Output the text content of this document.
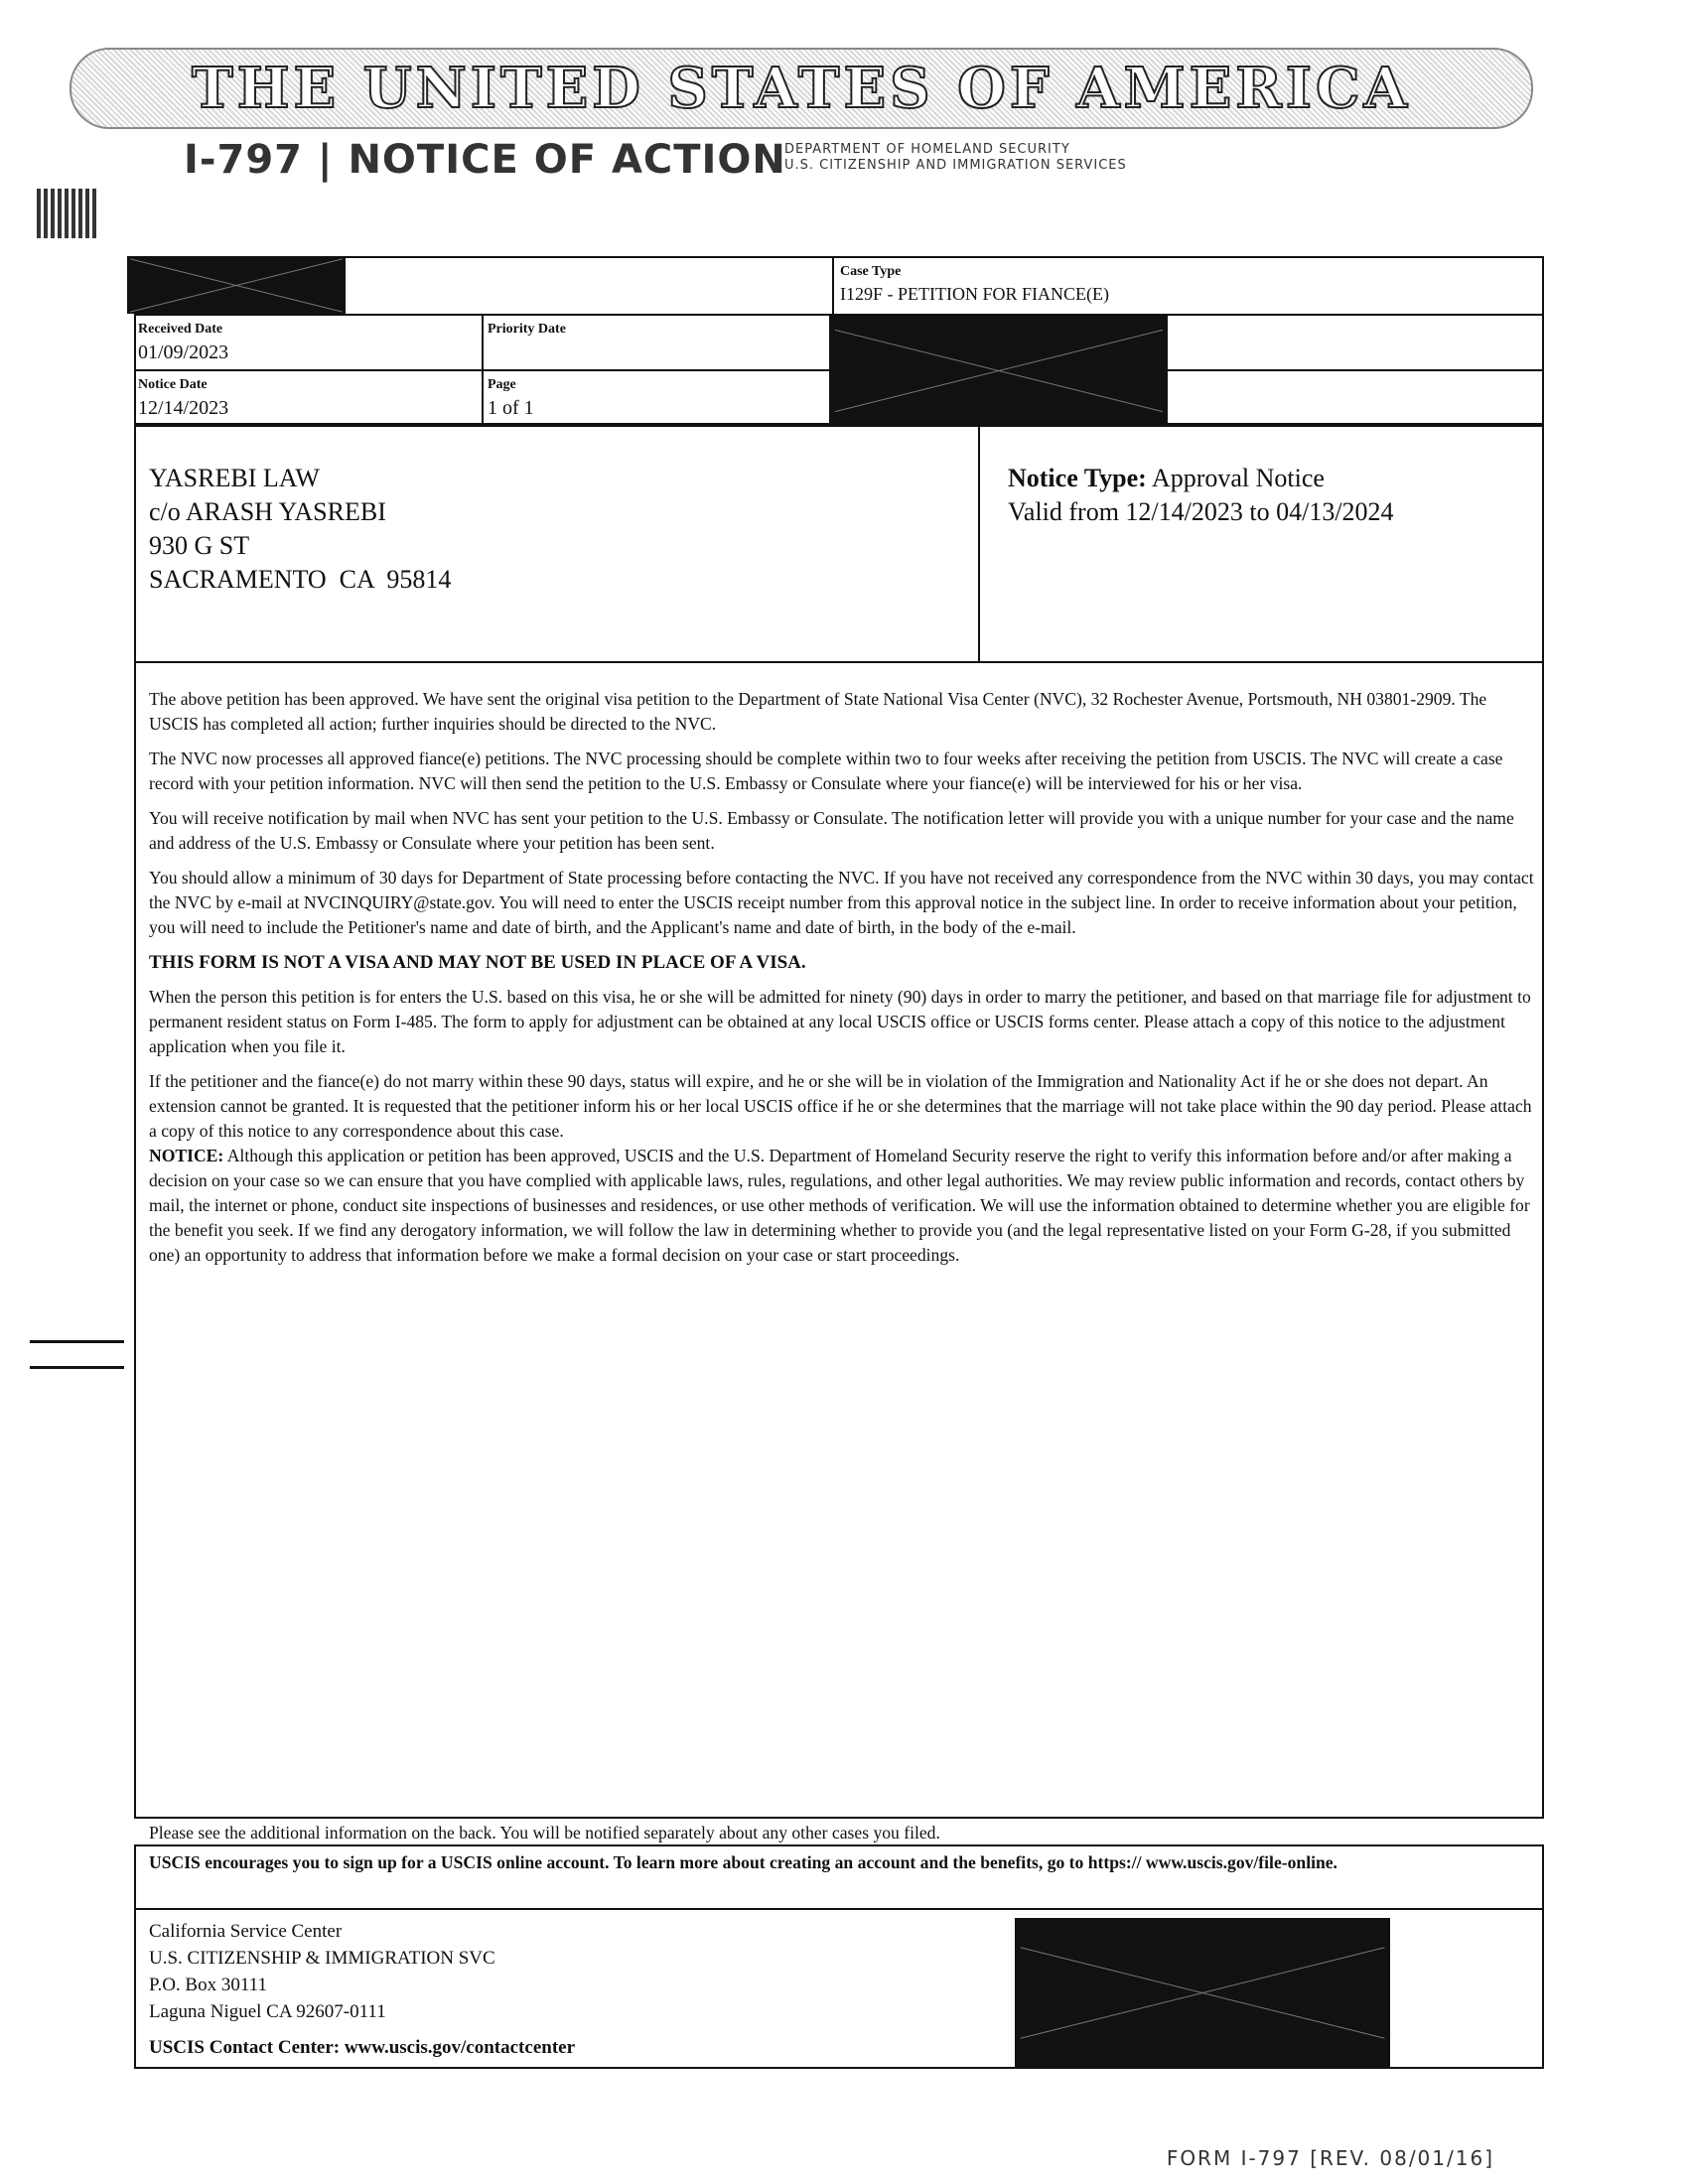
THE UNITED STATES OF AMERICA
I-797 | NOTICE OF ACTION
DEPARTMENT OF HOMELAND SECURITY
U.S. CITIZENSHIP AND IMMIGRATION SERVICES
Case Type
I129F - PETITION FOR FIANCE(E)
Received Date
01/09/2023
Priority Date
Notice Date
12/14/2023
Page
1 of 1
YASREBI LAW
c/o ARASH YASREBI
930 G ST
SACRAMENTO  CA  95814
Notice Type: Approval Notice
Valid from 12/14/2023 to 04/13/2024

The above petition has been approved. We have sent the original visa petition to the Department of State National Visa Center (NVC), 32 Rochester Avenue, Portsmouth, NH 03801-2909. The USCIS has completed all action; further inquiries should be directed to the NVC.

The NVC now processes all approved fiance(e) petitions. The NVC processing should be complete within two to four weeks after receiving the petition from USCIS. The NVC will create a case record with your petition information. NVC will then send the petition to the U.S. Embassy or Consulate where your fiance(e) will be interviewed for his or her visa.

You will receive notification by mail when NVC has sent your petition to the U.S. Embassy or Consulate. The notification letter will provide you with a unique number for your case and the name and address of the U.S. Embassy or Consulate where your petition has been sent.

You should allow a minimum of 30 days for Department of State processing before contacting the NVC. If you have not received any correspondence from the NVC within 30 days, you may contact the NVC by e-mail at NVCINQUIRY@state.gov. You will need to enter the USCIS receipt number from this approval notice in the subject line. In order to receive information about your petition, you will need to include the Petitioner's name and date of birth, and the Applicant's name and date of birth, in the body of the e-mail.

THIS FORM IS NOT A VISA AND MAY NOT BE USED IN PLACE OF A VISA.

When the person this petition is for enters the U.S. based on this visa, he or she will be admitted for ninety (90) days in order to marry the petitioner, and based on that marriage file for adjustment to permanent resident status on Form I-485. The form to apply for adjustment can be obtained at any local USCIS office or USCIS forms center. Please attach a copy of this notice to the adjustment application when you file it.

If the petitioner and the fiance(e) do not marry within these 90 days, status will expire, and he or she will be in violation of the Immigration and Nationality Act if he or she does not depart. An extension cannot be granted. It is requested that the petitioner inform his or her local USCIS office if he or she determines that the marriage will not take place within the 90 day period. Please attach a copy of this notice to any correspondence about this case.

NOTICE: Although this application or petition has been approved, USCIS and the U.S. Department of Homeland Security reserve the right to verify this information before and/or after making a decision on your case so we can ensure that you have complied with applicable laws, rules, regulations, and other legal authorities. We may review public information and records, contact others by mail, the internet or phone, conduct site inspections of businesses and residences, or use other methods of verification. We will use the information obtained to determine whether you are eligible for the benefit you seek. If we find any derogatory information, we will follow the law in determining whether to provide you (and the legal representative listed on your Form G-28, if you submitted one) an opportunity to address that information before we make a formal decision on your case or start proceedings.

Please see the additional information on the back. You will be notified separately about any other cases you filed.
USCIS encourages you to sign up for a USCIS online account. To learn more about creating an account and the benefits, go to https:// www.uscis.gov/file-online.
California Service Center
U.S. CITIZENSHIP & IMMIGRATION SVC
P.O. Box 30111
Laguna Niguel CA 92607-0111
USCIS Contact Center: www.uscis.gov/contactcenter
FORM I-797 [REV. 08/01/16]
